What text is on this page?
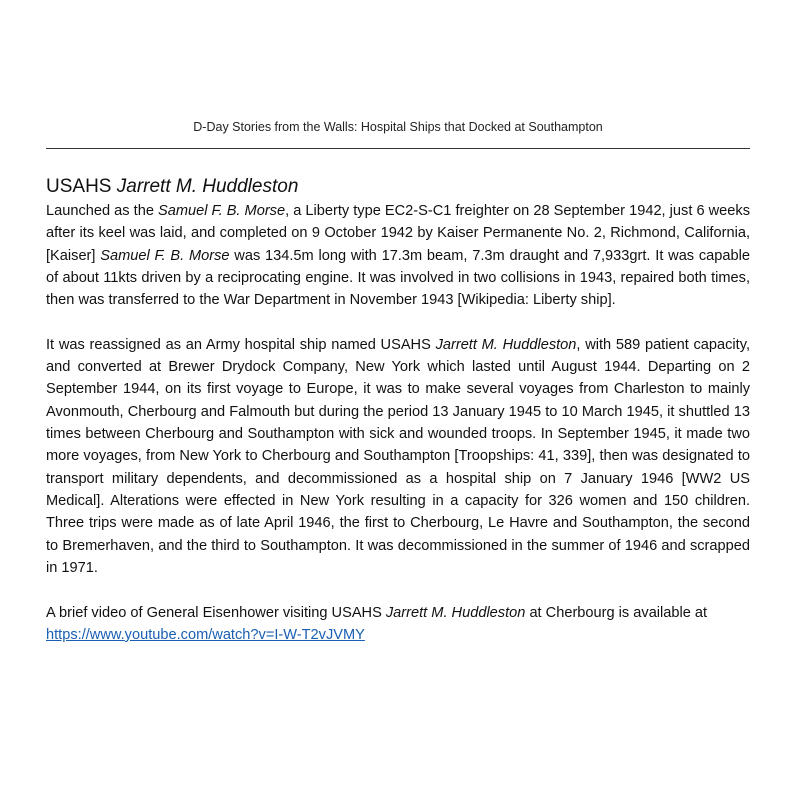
D-Day Stories from the Walls: Hospital Ships that Docked at Southampton
USAHS Jarrett M. Huddleston

Launched as the Samuel F. B. Morse, a Liberty type EC2-S-C1 freighter on 28 September 1942, just 6 weeks after its keel was laid, and completed on 9 October 1942 by Kaiser Permanente No. 2, Richmond, California, [Kaiser] Samuel F. B. Morse was 134.5m long with 17.3m beam, 7.3m draught and 7,933grt. It was capable of about 11kts driven by a reciprocating engine. It was involved in two collisions in 1943, repaired both times, then was transferred to the War Department in November 1943 [Wikipedia: Liberty ship].

It was reassigned as an Army hospital ship named USAHS Jarrett M. Huddleston, with 589 patient capacity, and converted at Brewer Drydock Company, New York which lasted until August 1944. Departing on 2 September 1944, on its first voyage to Europe, it was to make several voyages from Charleston to mainly Avonmouth, Cherbourg and Falmouth but during the period 13 January 1945 to 10 March 1945, it shuttled 13 times between Cherbourg and Southampton with sick and wounded troops. In September 1945, it made two more voyages, from New York to Cherbourg and Southampton [Troopships: 41, 339], then was designated to transport military dependents, and decommissioned as a hospital ship on 7 January 1946 [WW2 US Medical]. Alterations were effected in New York resulting in a capacity for 326 women and 150 children. Three trips were made as of late April 1946, the first to Cherbourg, Le Havre and Southampton, the second to Bremerhaven, and the third to Southampton. It was decommissioned in the summer of 1946 and scrapped in 1971.

A brief video of General Eisenhower visiting USAHS Jarrett M. Huddleston at Cherbourg is available at
https://www.youtube.com/watch?v=I-W-T2vJVMY
